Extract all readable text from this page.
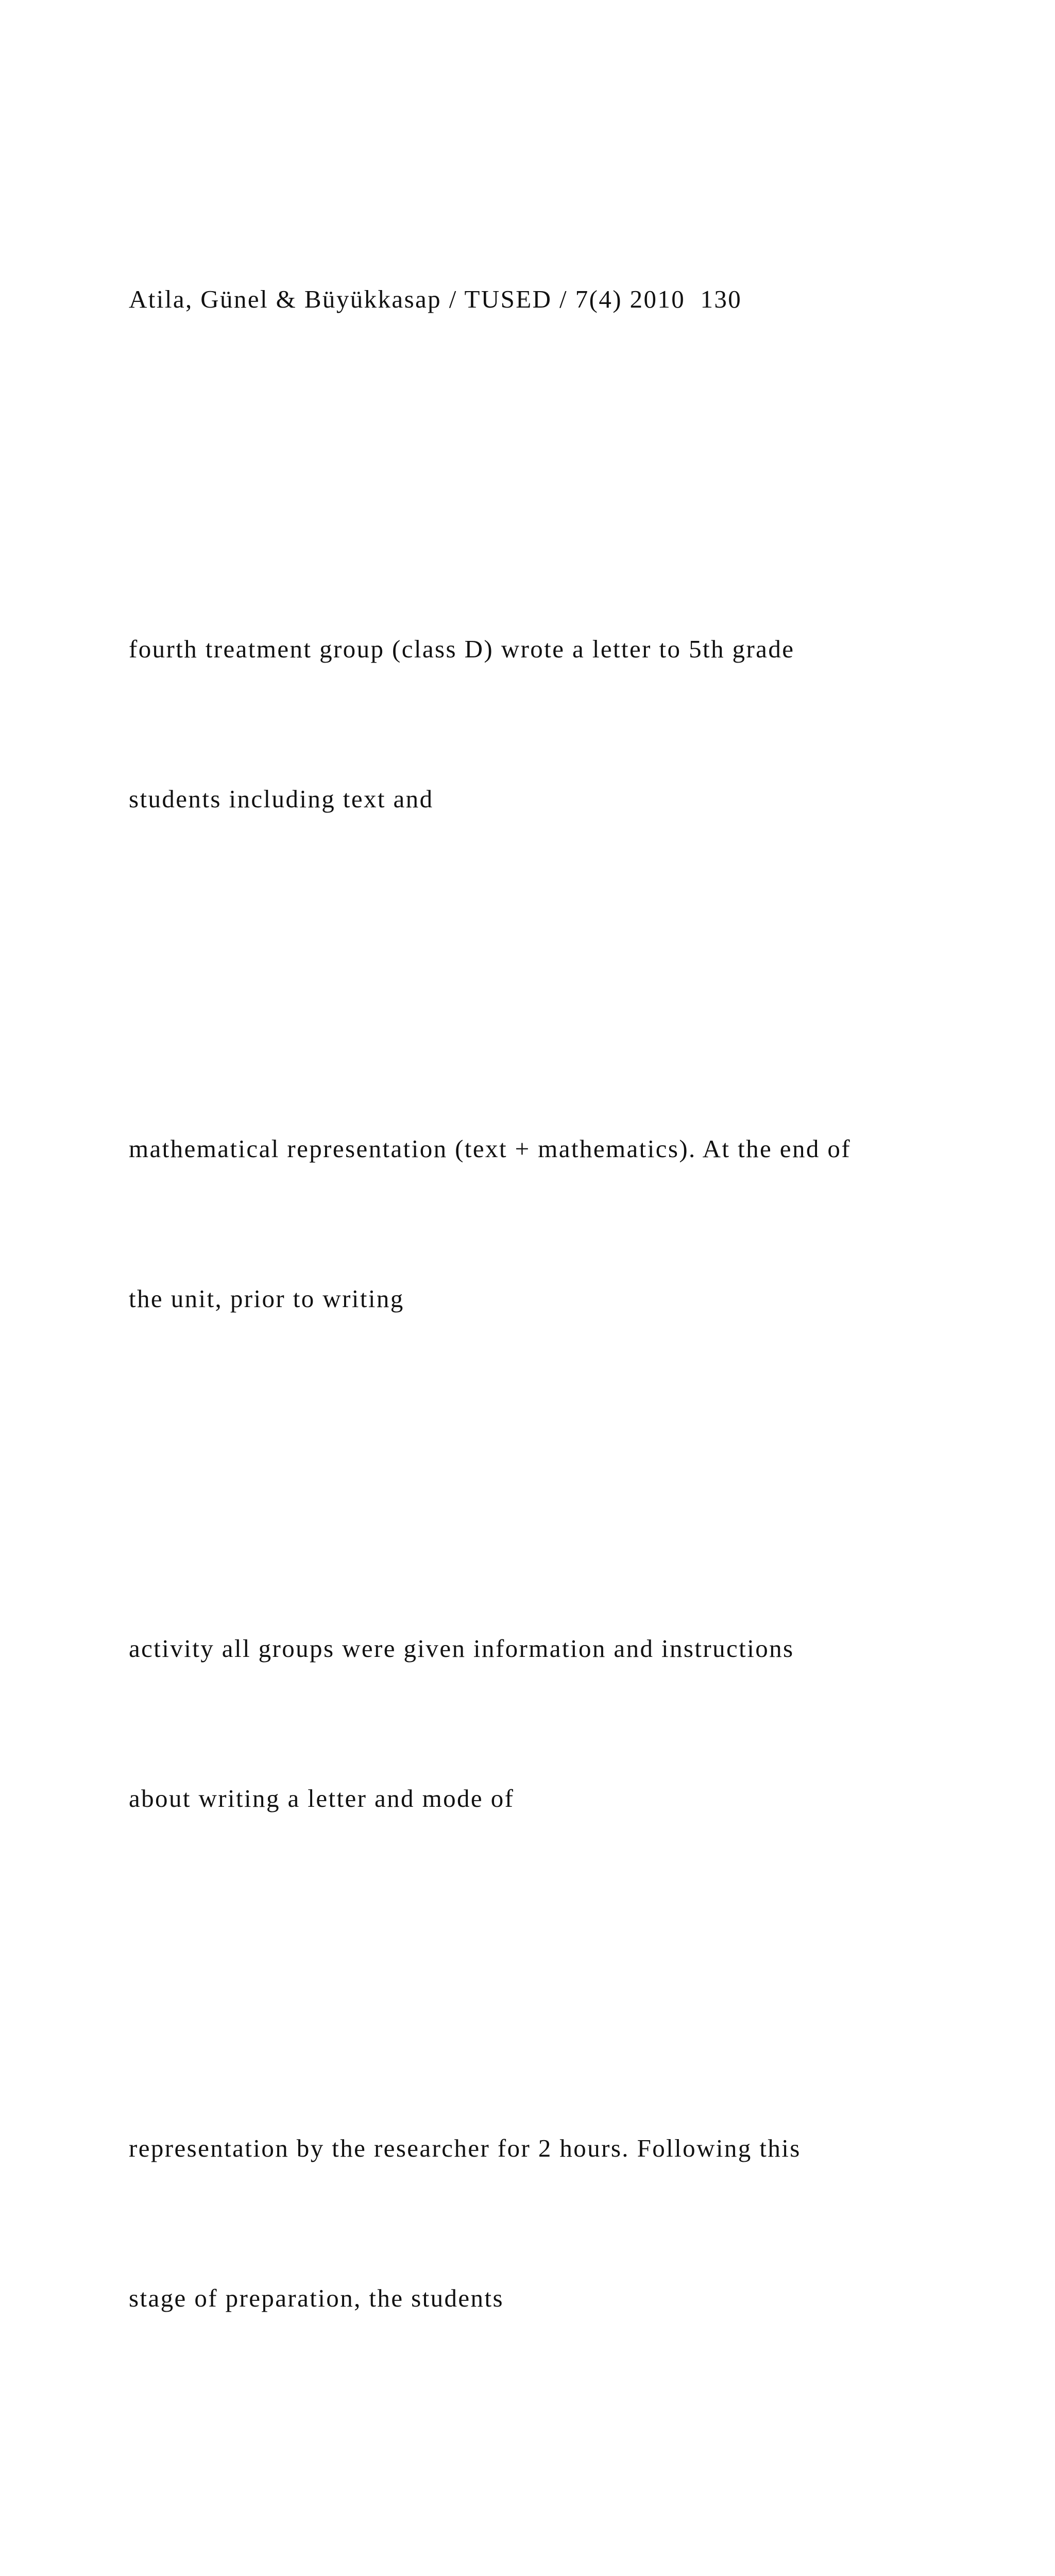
Atila, Günel & Büyükkasap / TUSED / 7(4) 2010  130

fourth treatment group (class D) wrote a letter to 5th grade

students including text and

mathematical representation (text + mathematics). At the end of

the unit, prior to writing

activity all groups were given information and instructions

about writing a letter and mode of

representation by the researcher for 2 hours. Following this

stage of preparation, the students
